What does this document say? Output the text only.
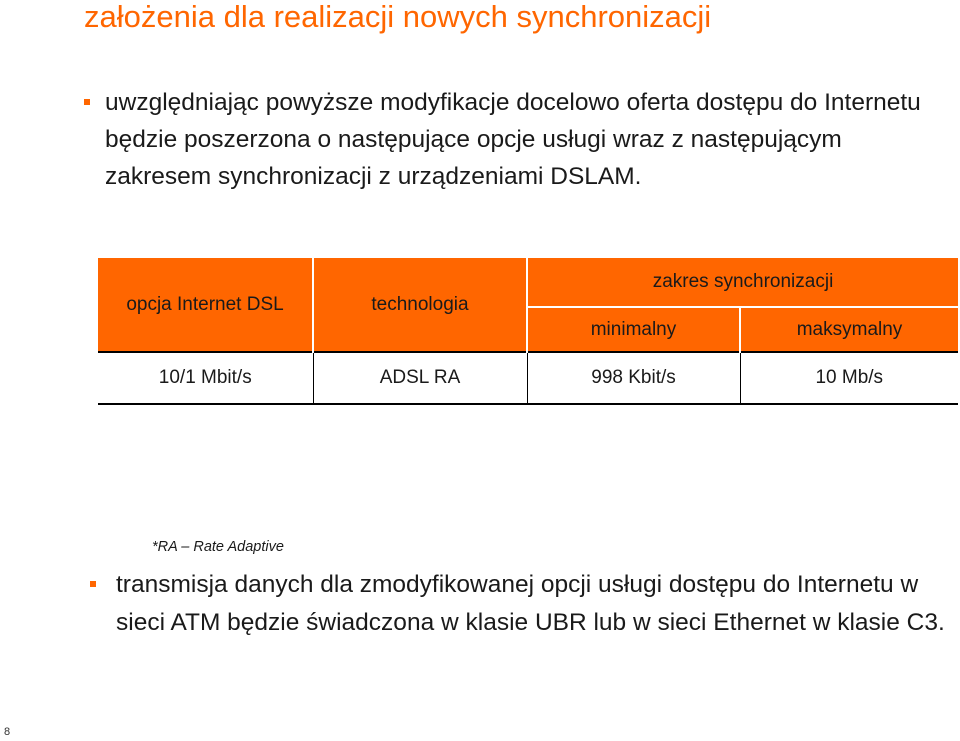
założenia dla realizacji nowych synchronizacji
uwzględniając powyższe modyfikacje docelowo oferta dostępu do Internetu będzie poszerzona o następujące opcje usługi wraz z następującym zakresem synchronizacji z urządzeniami DSLAM.
opcja Internet DSL	technologia	zakres synchronizacji	
		minimalny	maksymalny
10/1 Mbit/s	ADSL RA	998 Kbit/s	10 Mb/s
*RA – Rate Adaptive
transmisja danych dla zmodyfikowanej opcji usługi dostępu do Internetu w sieci ATM będzie świadczona w klasie UBR lub w sieci Ethernet w klasie C3.
8
